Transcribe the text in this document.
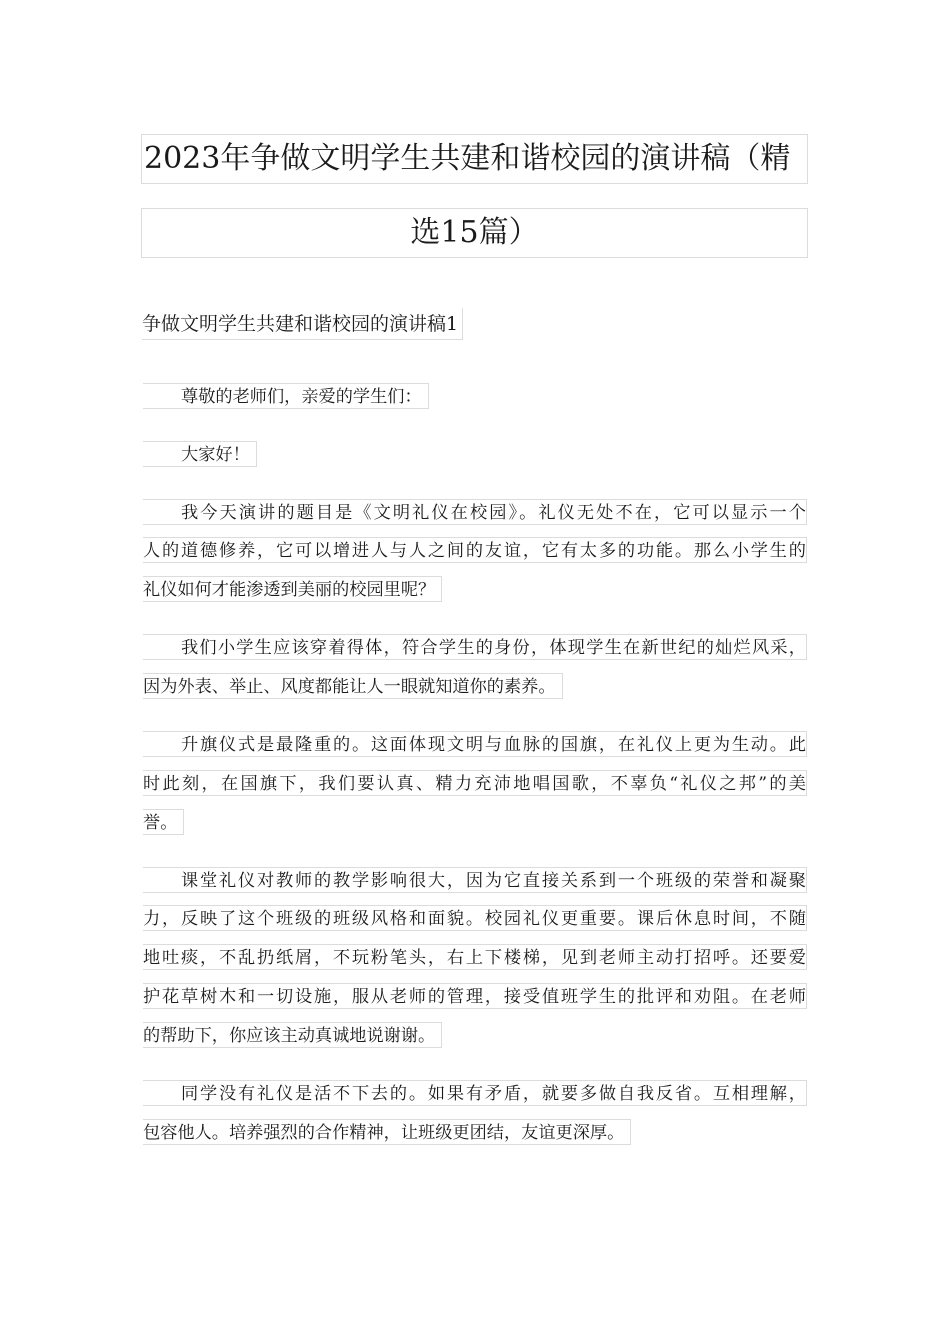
2023年争做文明学生共建和谐校园的演讲稿（精
选15篇）
争做文明学生共建和谐校园的演讲稿1
尊敬的老师们，亲爱的学生们：
大家好！
我今天演讲的题目是《文明礼仪在校园》。礼仪无处不在，它可以显示一个
人的道德修养，它可以增进人与人之间的友谊，它有太多的功能。那么小学生的
礼仪如何才能渗透到美丽的校园里呢？
我们小学生应该穿着得体，符合学生的身份，体现学生在新世纪的灿烂风采，
因为外表、举止、风度都能让人一眼就知道你的素养。
升旗仪式是最隆重的。这面体现文明与血脉的国旗，在礼仪上更为生动。此
时此刻，在国旗下，我们要认真、精力充沛地唱国歌，不辜负“礼仪之邦”的美
誉。
课堂礼仪对教师的教学影响很大，因为它直接关系到一个班级的荣誉和凝聚
力，反映了这个班级的班级风格和面貌。校园礼仪更重要。课后休息时间，不随
地吐痰，不乱扔纸屑，不玩粉笔头，右上下楼梯，见到老师主动打招呼。还要爱
护花草树木和一切设施，服从老师的管理，接受值班学生的批评和劝阻。在老师
的帮助下，你应该主动真诚地说谢谢。
同学没有礼仪是活不下去的。如果有矛盾，就要多做自我反省。互相理解，
包容他人。培养强烈的合作精神，让班级更团结，友谊更深厚。
